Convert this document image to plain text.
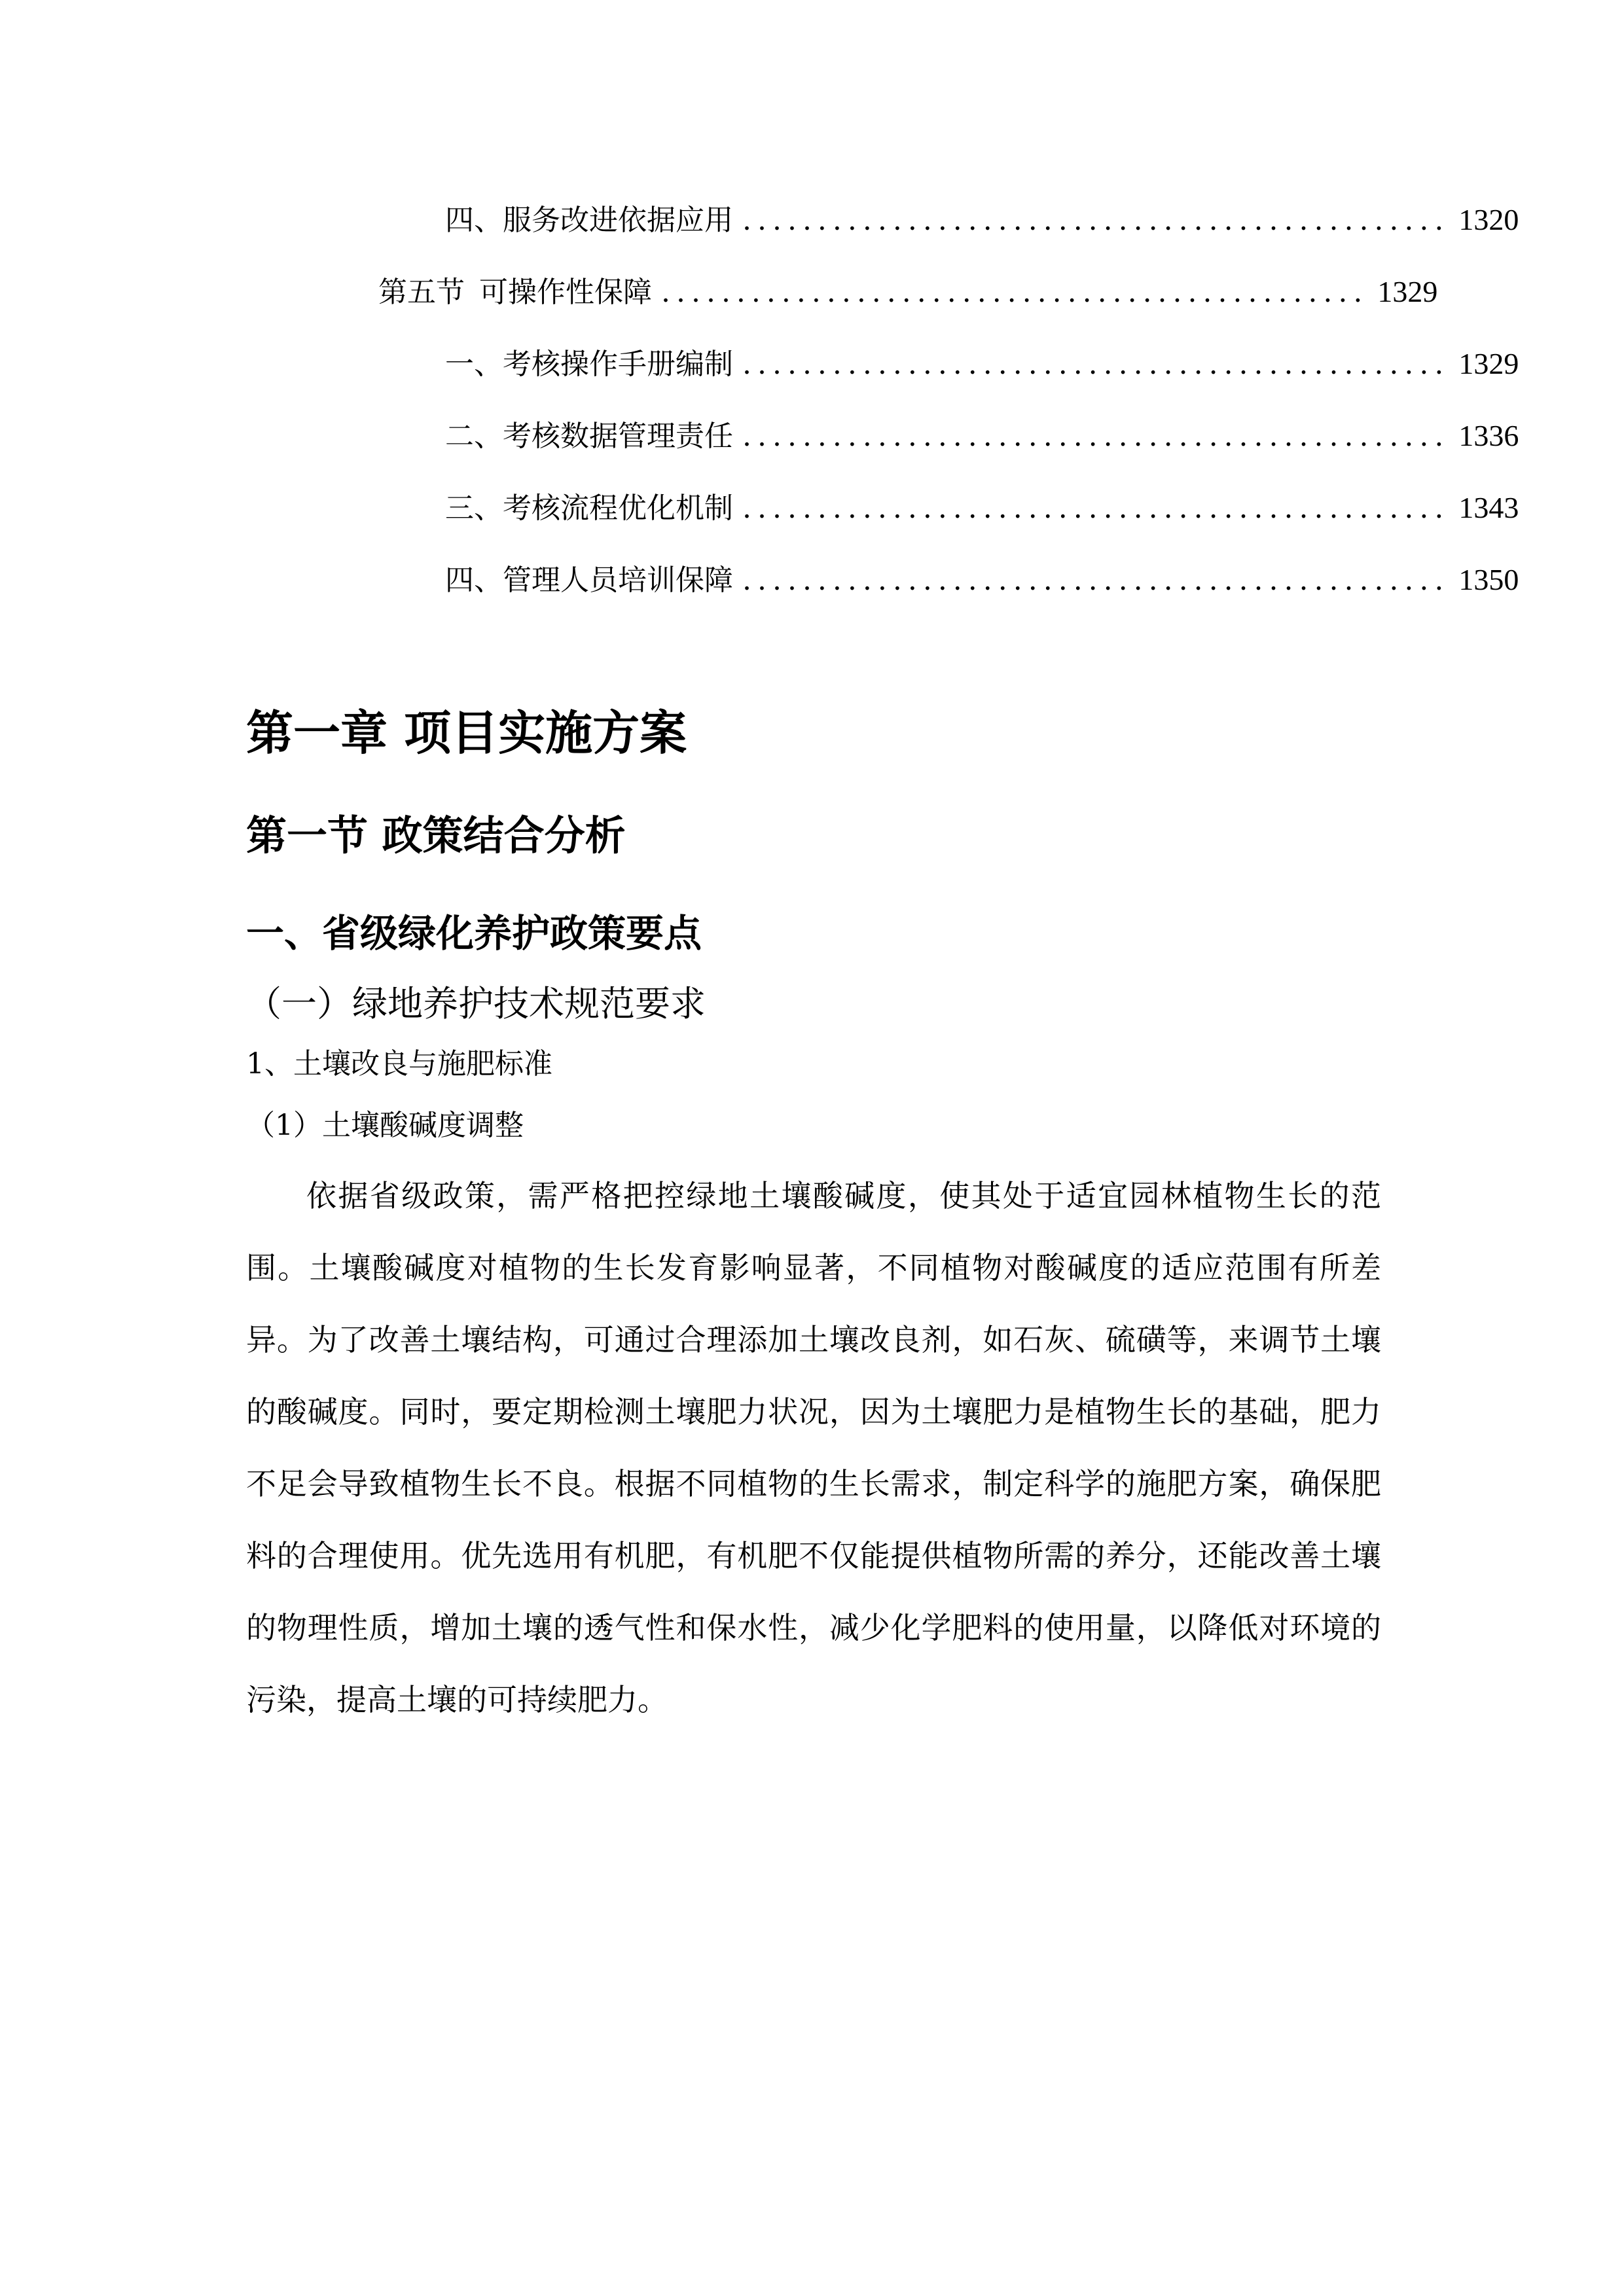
四、 服务改进依据应用 ............................................... 1320
第五节 可操作性保障 ............................................... 1329
一、 考核操作手册编制 ............................................... 1329
二、 考核数据管理责任 ............................................... 1336
三、 考核流程优化机制 ............................................... 1343
四、 管理人员培训保障 ............................................... 1350
第一章 项目实施方案
第一节 政策结合分析
一、省级绿化养护政策要点
（一）绿地养护技术规范要求
1、土壤改良与施肥标准
（1）土壤酸碱度调整

依据省级政策，需严格把控绿地土壤酸碱度，使其处于适宜园林植物生长的范围。土壤酸碱度对植物的生长发育影响显著，不同植物对酸碱度的适应范围有所差异。为了改善土壤结构，可通过合理添加土壤改良剂，如石灰、硫磺等，来调节土壤的酸碱度。同时，要定期检测土壤肥力状况，因为土壤肥力是植物生长的基础，肥力不足会导致植物生长不良。根据不同植物的生长需求，制定科学的施肥方案，确保肥料的合理使用。优先选用有机肥，有机肥不仅能提供植物所需的养分，还能改善土壤的物理性质，增加土壤的透气性和保水性，减少化学肥料的使用量，以降低对环境的污染，提高土壤的可持续肥力。
